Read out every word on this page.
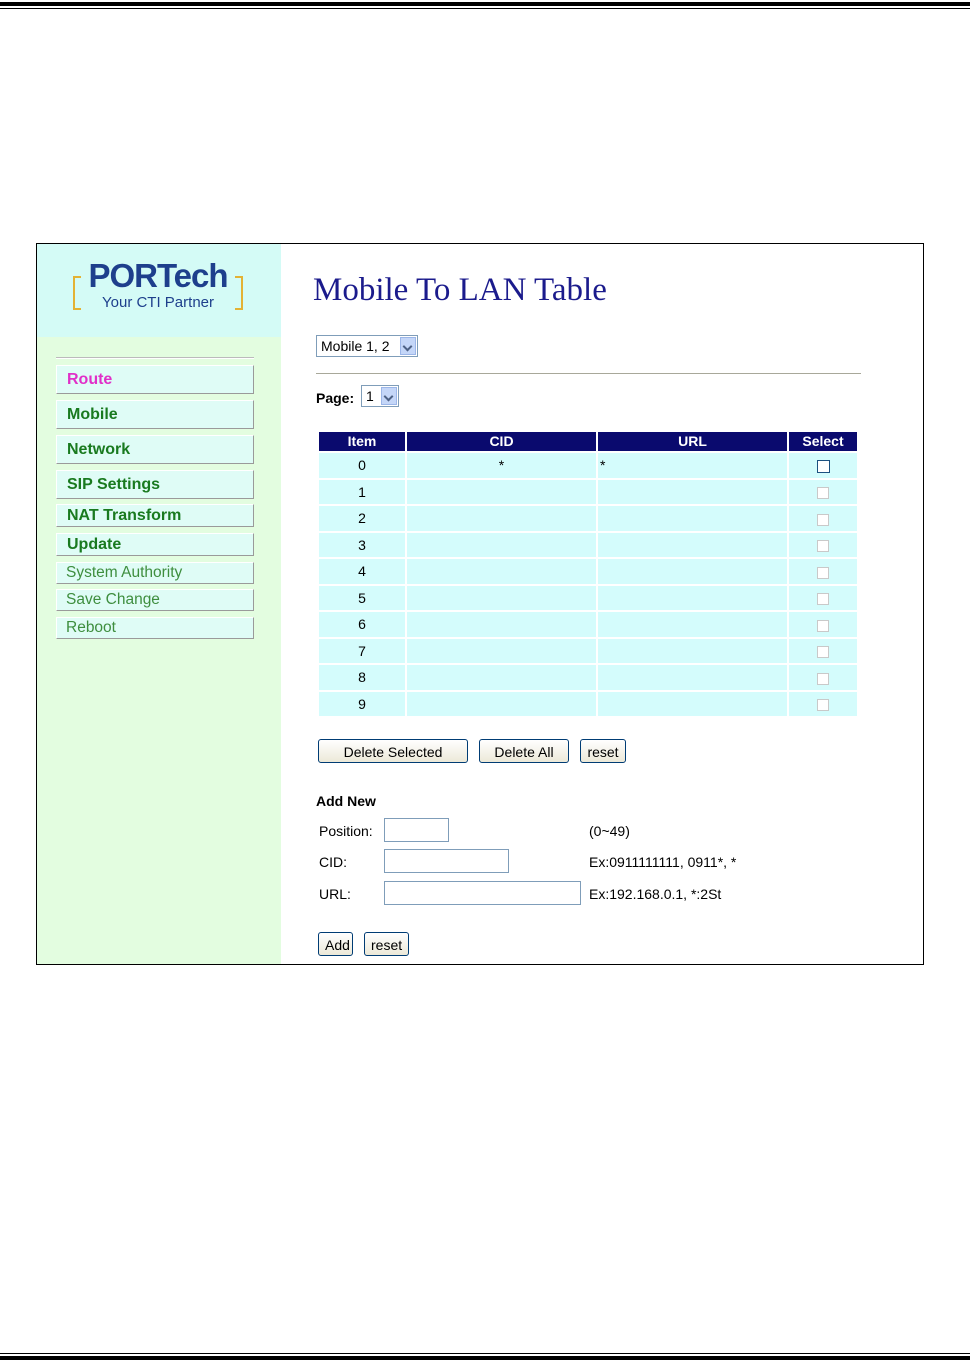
PORTech
Your CTI Partner
Route
Mobile
Network
SIP Settings
NAT Transform
Update
System Authority
Save Change
Reboot
Mobile To LAN Table
Mobile 1, 2
Page: 1
Item	CID	URL	Select
0	*	*	
1			
2			
3			
4			
5			
6			
7			
8			
9			
Delete Selected	Delete All	reset
Add New
Position:	(0~49)
CID:	Ex:0911111111, 0911*, *
URL:	Ex:192.168.0.1, *:2St
Add	reset
